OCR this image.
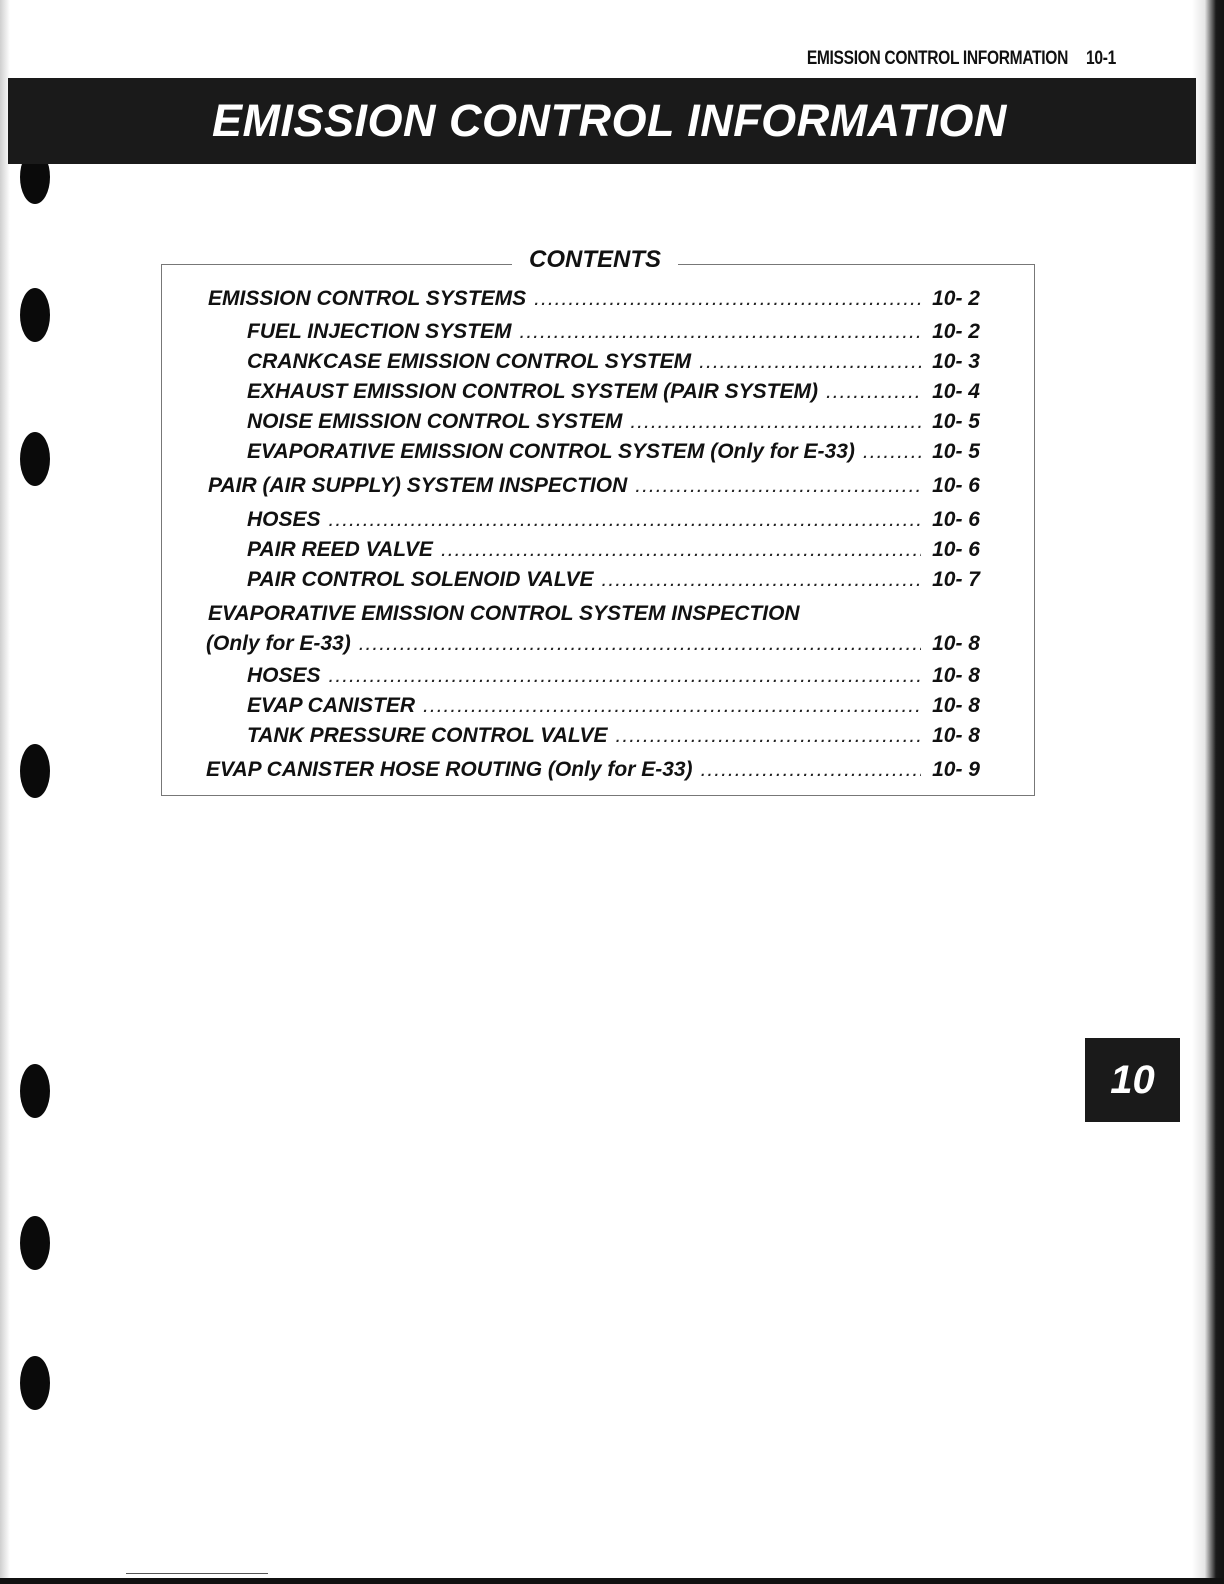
EMISSION CONTROL INFORMATION 10-1
EMISSION CONTROL INFORMATION
CONTENTS
EMISSION CONTROL SYSTEMS .....	10- 2
FUEL INJECTION SYSTEM .....	10- 2
CRANKCASE EMISSION CONTROL SYSTEM .....	10- 3
EXHAUST EMISSION CONTROL SYSTEM (PAIR SYSTEM) .....	10- 4
NOISE EMISSION CONTROL SYSTEM .....	10- 5
EVAPORATIVE EMISSION CONTROL SYSTEM (Only for E-33) .....	10- 5
PAIR (AIR SUPPLY) SYSTEM INSPECTION .....	10- 6
HOSES .....	10- 6
PAIR REED VALVE .....	10- 6
PAIR CONTROL SOLENOID VALVE .....	10- 7
EVAPORATIVE EMISSION CONTROL SYSTEM INSPECTION
(Only for E-33) .....	10- 8
HOSES .....	10- 8
EVAP CANISTER .....	10- 8
TANK PRESSURE CONTROL VALVE .....	10- 8
EVAP CANISTER HOSE ROUTING (Only for E-33) .....	10- 9
10
